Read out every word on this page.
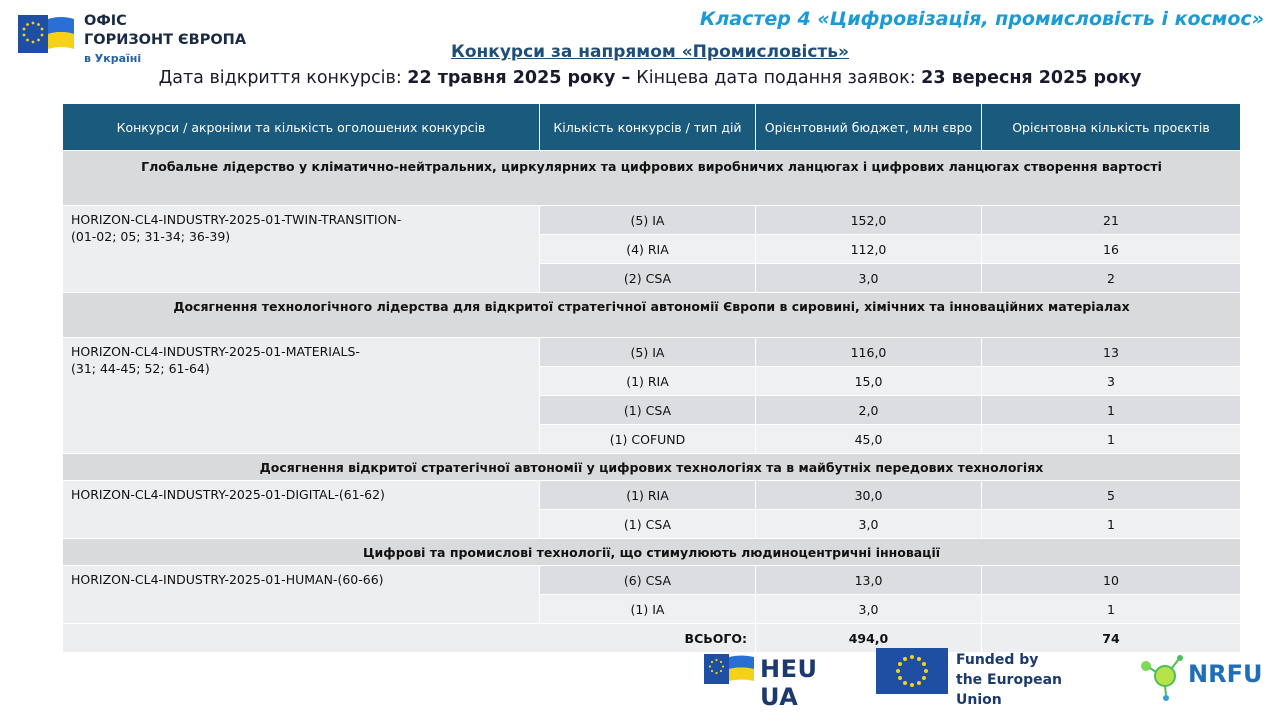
ОФІС
ГОРИЗОНТ ЄВРОПА
в Україні
Кластер 4 «Цифровізація, промисловість і космос»
Конкурси за напрямом «Промисловість»
Дата відкриття конкурсів: 22 травня 2025 року – Кінцева дата подання заявок: 23 вересня 2025 року
Конкурси / акроніми та кількість оголошених конкурсів	Кількість конкурсів / тип дій	Орієнтовний бюджет, млн євро	Орієнтовна кількість проєктів
Глобальне лідерство у кліматично-нейтральних, циркулярних та цифрових виробничих ланцюгах і цифрових ланцюгах створення вартості			

HORIZON-CL4-INDUSTRY-2025-01-TWIN-TRANSITION-
(01-02; 05; 31-34; 36-39)	(5) IA	152,0	21
	(4) RIA	112,0	16
	(2) CSA	3,0	2
Досягнення технологічного лідерства для відкритої стратегічної автономії Європи в сировині, хімічних та інноваційних матеріалах			

HORIZON-CL4-INDUSTRY-2025-01-MATERIALS-
(31; 44-45; 52; 61-64)	(5) IA	116,0	13
	(1) RIA	15,0	3
	(1) CSA	2,0	1
	(1) COFUND	45,0	1
Досягнення відкритої стратегічної автономії у цифрових технологіях та в майбутніх передових технологіях			

HORIZON-CL4-INDUSTRY-2025-01-DIGITAL-(61-62)	(1) RIA	30,0	5
	(1) CSA	3,0	1
Цифрові та промислові технології, що стимулюють людиноцентричні інновації			

HORIZON-CL4-INDUSTRY-2025-01-HUMAN-(60-66)	(6) CSA	13,0	10
	(1) IA	3,0	1
ВСЬОГО:		494,0	74
HEU UA
Funded by
the European Union
NRFU
